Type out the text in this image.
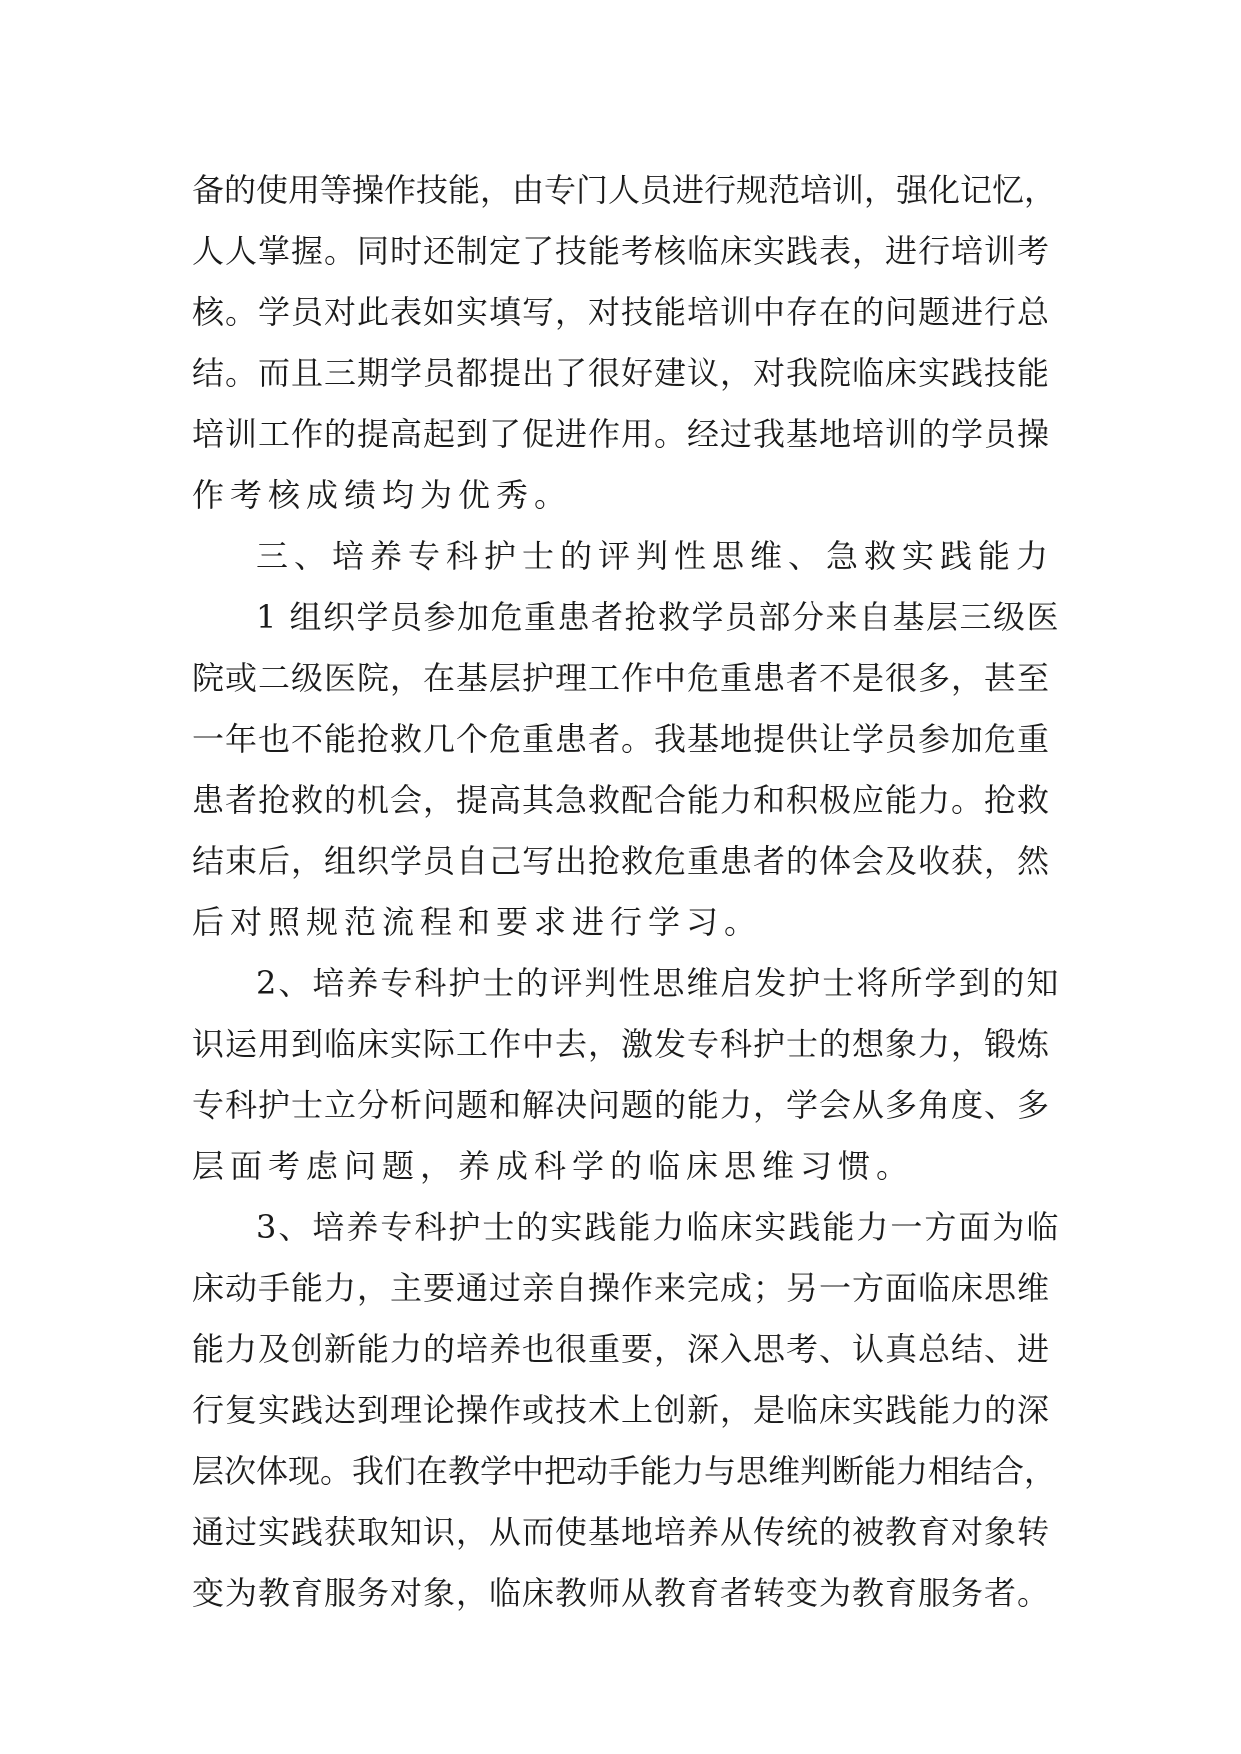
备的使用等操作技能，由专门人员进行规范培训，强化记忆，

人人掌握。同时还制定了技能考核临床实践表，进行培训考

核。学员对此表如实填写，对技能培训中存在的问题进行总

结。而且三期学员都提出了很好建议，对我院临床实践技能

培训工作的提高起到了促进作用。经过我基地培训的学员操

作考核成绩均为优秀。

三、培养专科护士的评判性思维、急救实践能力

1 组织学员参加危重患者抢救学员部分来自基层三级医

院或二级医院，在基层护理工作中危重患者不是很多，甚至

一年也不能抢救几个危重患者。我基地提供让学员参加危重

患者抢救的机会，提高其急救配合能力和积极应能力。抢救

结束后，组织学员自己写出抢救危重患者的体会及收获，然

后对照规范流程和要求进行学习。

2、培养专科护士的评判性思维启发护士将所学到的知

识运用到临床实际工作中去，激发专科护士的想象力，锻炼

专科护士立分析问题和解决问题的能力，学会从多角度、多

层面考虑问题，养成科学的临床思维习惯。

3、培养专科护士的实践能力临床实践能力一方面为临

床动手能力，主要通过亲自操作来完成；另一方面临床思维

能力及创新能力的培养也很重要，深入思考、认真总结、进

行复实践达到理论操作或技术上创新，是临床实践能力的深

层次体现。我们在教学中把动手能力与思维判断能力相结合，

通过实践获取知识，从而使基地培养从传统的被教育对象转

变为教育服务对象，临床教师从教育者转变为教育服务者。
